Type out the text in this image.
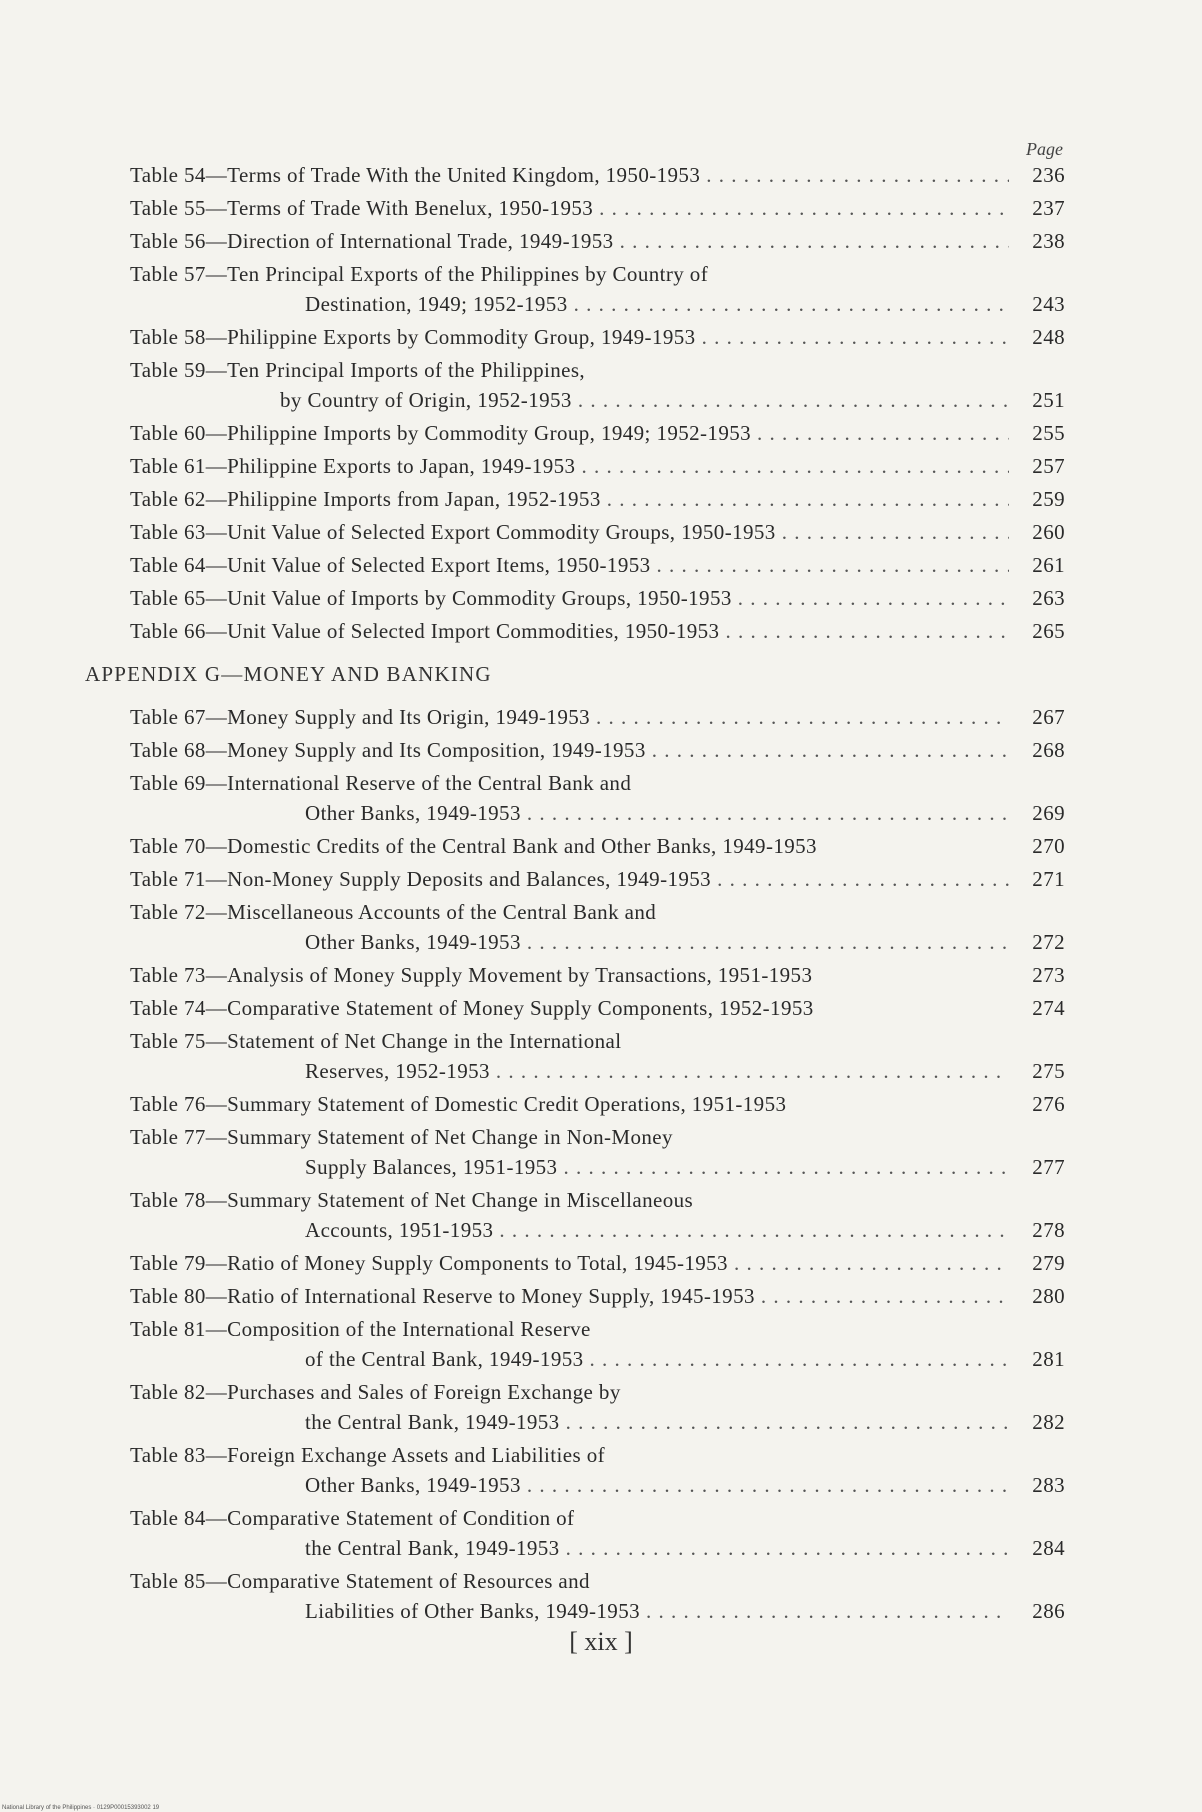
Page
Table 54—Terms of Trade With the United Kingdom, 1950-1953 . . .	236
Table 55—Terms of Trade With Benelux, 1950-1953 . . .	237
Table 56—Direction of International Trade, 1949-1953 . . .	238
Table 57—Ten Principal Exports of the Philippines by Country of
Destination, 1949; 1952-1953 . . .	243
Table 58—Philippine Exports by Commodity Group, 1949-1953 . . .	248
Table 59—Ten Principal Imports of the Philippines,
by Country of Origin, 1952-1953 . . .	251
Table 60—Philippine Imports by Commodity Group, 1949; 1952-1953 . . .	255
Table 61—Philippine Exports to Japan, 1949-1953 . . .	257
Table 62—Philippine Imports from Japan, 1952-1953 . . .	259
Table 63—Unit Value of Selected Export Commodity Groups, 1950-1953 . . .	260
Table 64—Unit Value of Selected Export Items, 1950-1953 . . .	261
Table 65—Unit Value of Imports by Commodity Groups, 1950-1953 . . .	263
Table 66—Unit Value of Selected Import Commodities, 1950-1953 . . .	265
APPENDIX G—MONEY AND BANKING
Table 67—Money Supply and Its Origin, 1949-1953 . . .	267
Table 68—Money Supply and Its Composition, 1949-1953 . . .	268
Table 69—International Reserve of the Central Bank and
Other Banks, 1949-1953 . . .	269
Table 70—Domestic Credits of the Central Bank and Other Banks, 1949-1953	270
Table 71—Non-Money Supply Deposits and Balances, 1949-1953 . . .	271
Table 72—Miscellaneous Accounts of the Central Bank and
Other Banks, 1949-1953 . . .	272
Table 73—Analysis of Money Supply Movement by Transactions, 1951-1953	273
Table 74—Comparative Statement of Money Supply Components, 1952-1953	274
Table 75—Statement of Net Change in the International
Reserves, 1952-1953 . . .	275
Table 76—Summary Statement of Domestic Credit Operations, 1951-1953	276
Table 77—Summary Statement of Net Change in Non-Money
Supply Balances, 1951-1953 . . .	277
Table 78—Summary Statement of Net Change in Miscellaneous
Accounts, 1951-1953 . . .	278
Table 79—Ratio of Money Supply Components to Total, 1945-1953 . . .	279
Table 80—Ratio of International Reserve to Money Supply, 1945-1953 . . .	280
Table 81—Composition of the International Reserve
of the Central Bank, 1949-1953 . . .	281
Table 82—Purchases and Sales of Foreign Exchange by
the Central Bank, 1949-1953 . . .	282
Table 83—Foreign Exchange Assets and Liabilities of
Other Banks, 1949-1953 . . .	283
Table 84—Comparative Statement of Condition of
the Central Bank, 1949-1953 . . .	284
Table 85—Comparative Statement of Resources and
Liabilities of Other Banks, 1949-1953 . . .	286
[ xix ]
National Library of the Philippines · 0129P00015393002 19
